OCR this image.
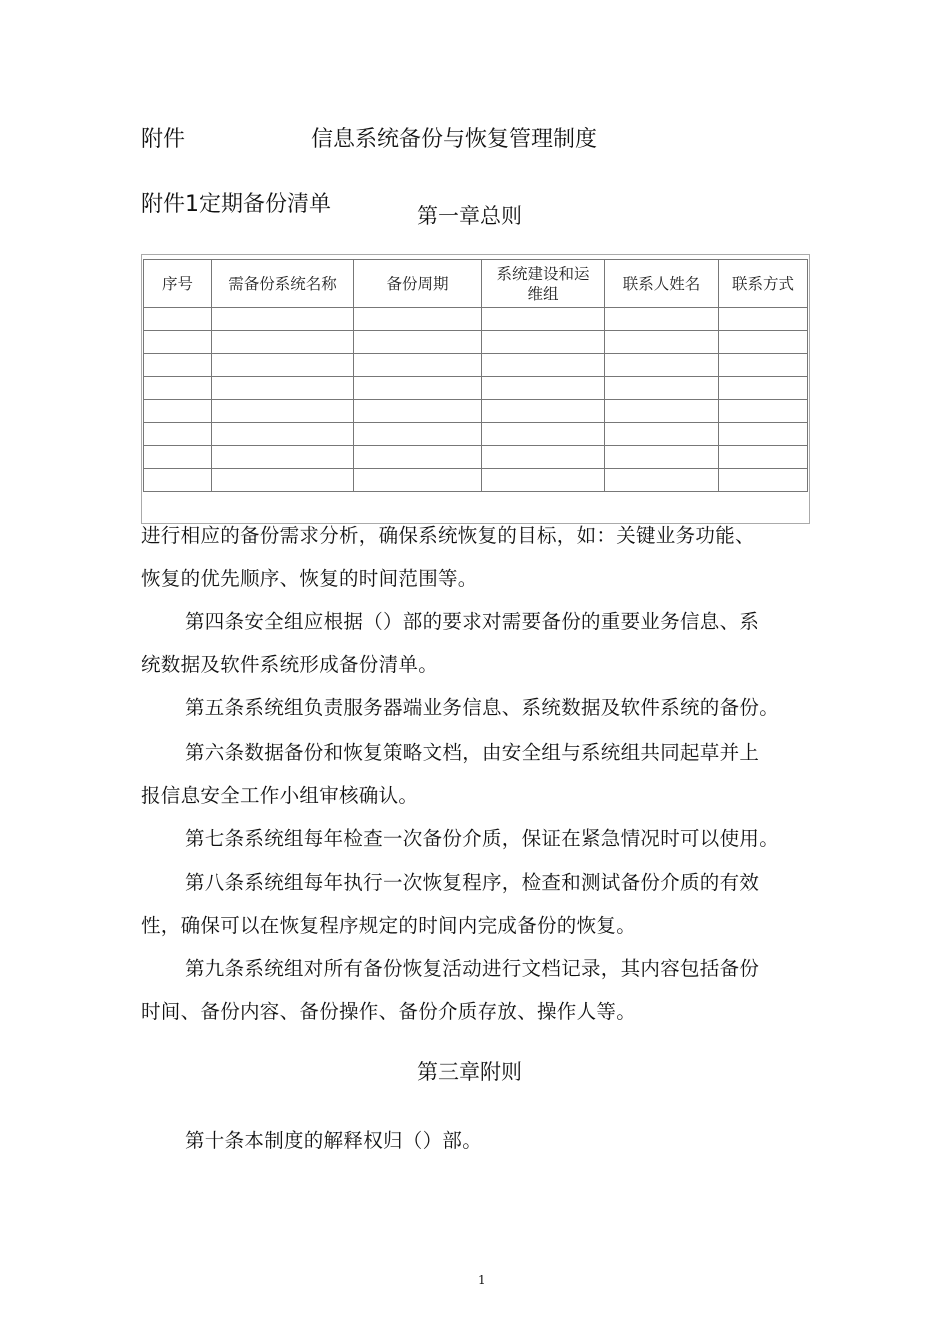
附件	信息系统备份与恢复管理制度
附件1定期备份清单	第一章总则
序号	需备份系统名称	备份周期	系统建设和运维组	联系人姓名	联系方式

进行相应的备份需求分析，确保系统恢复的目标，如：关键业务功能、
恢复的优先顺序、恢复的时间范围等。
第四条安全组应根据（）部的要求对需要备份的重要业务信息、系
统数据及软件系统形成备份清单。
第五条系统组负责服务器端业务信息、系统数据及软件系统的备份。
第六条数据备份和恢复策略文档，由安全组与系统组共同起草并上
报信息安全工作小组审核确认。
第七条系统组每年检查一次备份介质，保证在紧急情况时可以使用。
第八条系统组每年执行一次恢复程序，检查和测试备份介质的有效
性，确保可以在恢复程序规定的时间内完成备份的恢复。
第九条系统组对所有备份恢复活动进行文档记录，其内容包括备份
时间、备份内容、备份操作、备份介质存放、操作人等。
第三章附则
第十条本制度的解释权归（）部。
1
